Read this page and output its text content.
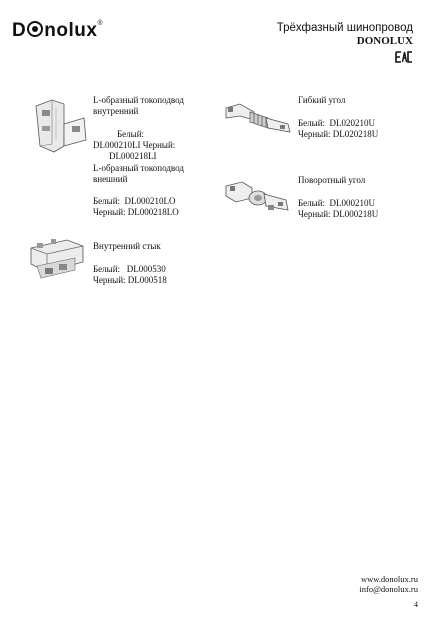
D nolux®	Трёхфазный шинопровод
DONOLUX
L-образный токоподвод
внутренний
Белый:
DL000210LI Черный:
DL000218LI
L-образный токоподвод
внешний
Белый: DL000210LO
Черный: DL000218LO
Внутренний стык
Белый: DL000530
Черный: DL000518
Гибкий угол
Белый: DL020210U
Черный: DL020218U
Поворотный угол
Белый: DL000210U
Черный: DL000218U
www.donolux.ru
info@donolux.ru
4
